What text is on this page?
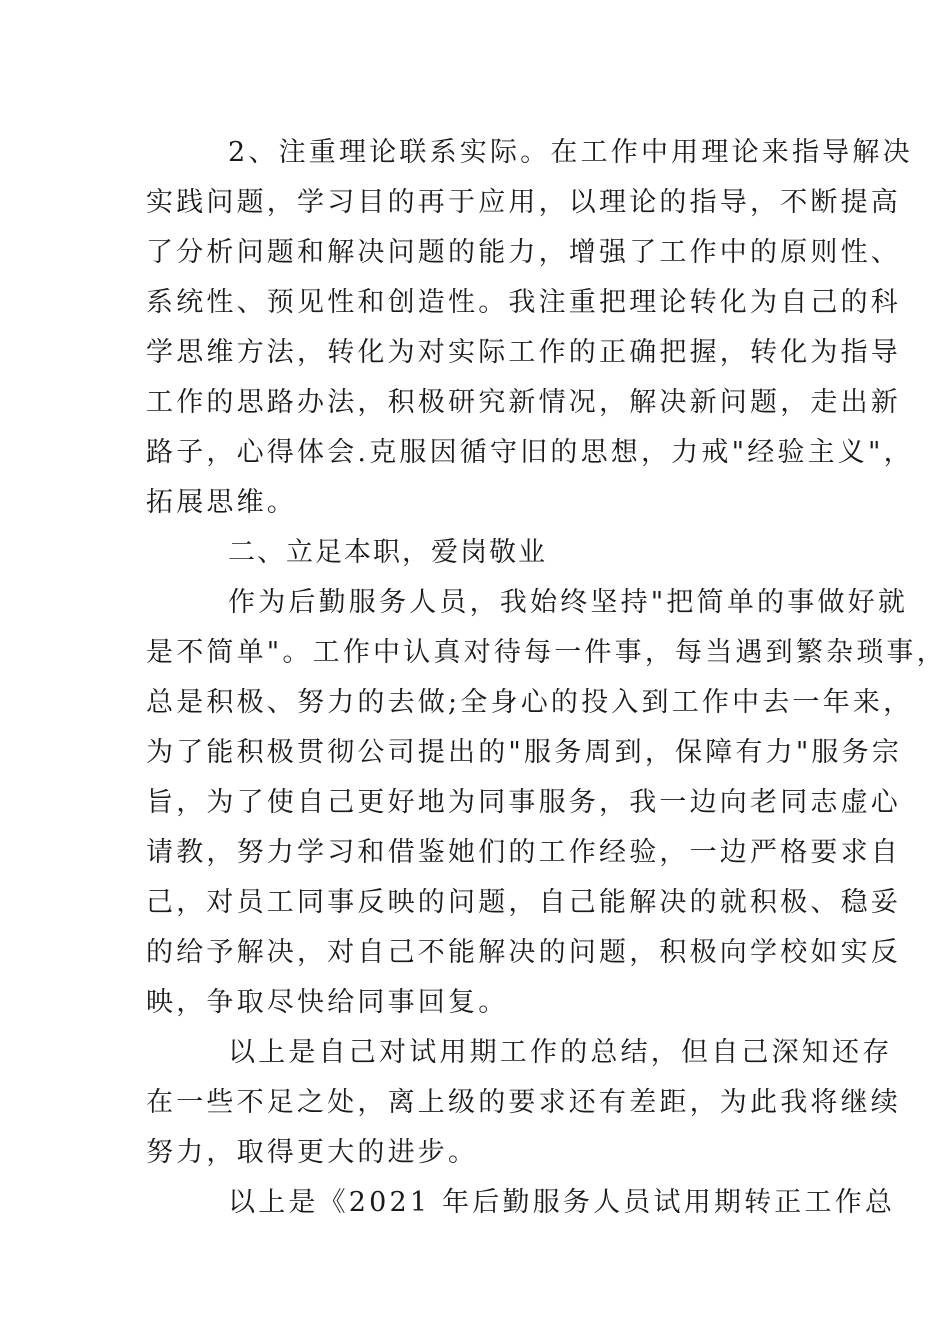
2、注重理论联系实际。在工作中用理论来指导解决
实践问题，学习目的再于应用，以理论的指导，不断提高
了分析问题和解决问题的能力，增强了工作中的原则性、
系统性、预见性和创造性。我注重把理论转化为自己的科
学思维方法，转化为对实际工作的正确把握，转化为指导
工作的思路办法，积极研究新情况，解决新问题，走出新
路子，心得体会.克服因循守旧的思想，力戒"经验主义"，
拓展思维。
二、立足本职，爱岗敬业
作为后勤服务人员，我始终坚持"把简单的事做好就
是不简单"。工作中认真对待每一件事，每当遇到繁杂琐事，
总是积极、努力的去做;全身心的投入到工作中去一年来，
为了能积极贯彻公司提出的"服务周到，保障有力"服务宗
旨，为了使自己更好地为同事服务，我一边向老同志虚心
请教，努力学习和借鉴她们的工作经验，一边严格要求自
己，对员工同事反映的问题，自己能解决的就积极、稳妥
的给予解决，对自己不能解决的问题，积极向学校如实反
映，争取尽快给同事回复。
以上是自己对试用期工作的总结，但自己深知还存
在一些不足之处，离上级的要求还有差距，为此我将继续
努力，取得更大的进步。
以上是《2021 年后勤服务人员试用期转正工作总
